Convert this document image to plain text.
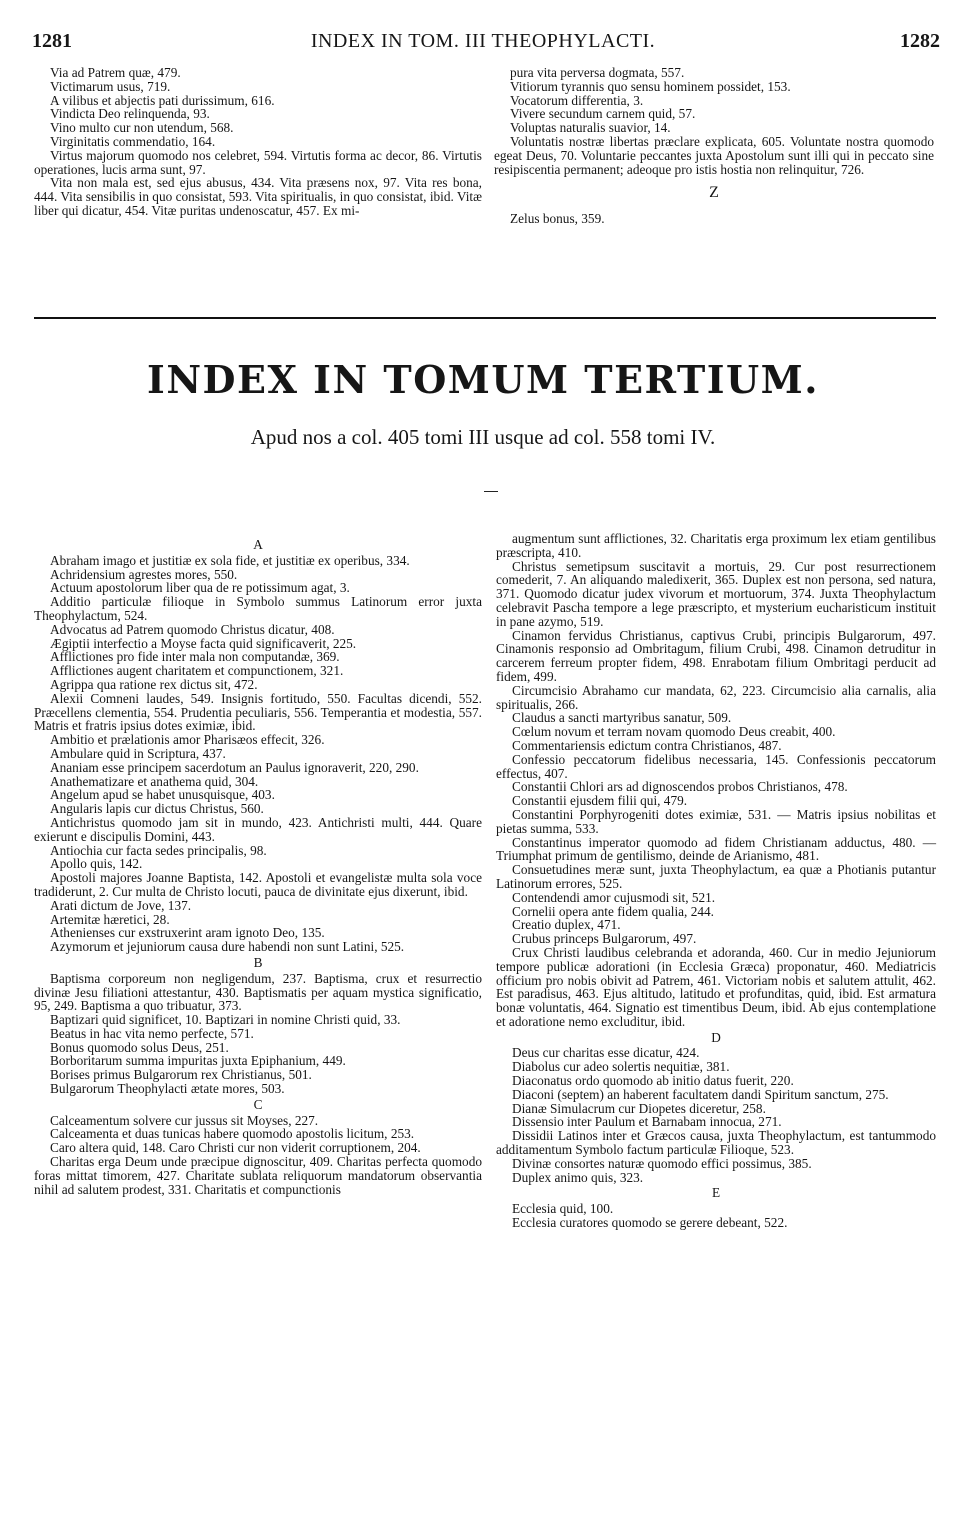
1281	INDEX IN TOM. III THEOPHYLACTI.	1282

Via ad Patrem quæ, 479.

Victimarum usus, 719.

A vilibus et abjectis pati durissimum, 616.

Vindicta Deo relinquenda, 93.

Vino multo cur non utendum, 568.

Virginitatis commendatio, 164.

Virtus majorum quomodo nos celebret, 594. Virtutis forma ac decor, 86. Virtutis operationes, lucis arma sunt, 97.

Vita non mala est, sed ejus abusus, 434. Vita præsens nox, 97. Vita res bona, 444. Vita sensibilis in quo consistat, 593. Vita spiritualis, in quo consistat, ibid. Vitæ liber qui dicatur, 454. Vitæ puritas undenoscatur, 457. Ex mi-

pura vita perversa dogmata, 557.

Vitiorum tyrannis quo sensu hominem possidet, 153.

Vocatorum differentia, 3.

Vivere secundum carnem quid, 57.

Voluptas naturalis suavior, 14.

Voluntatis nostræ libertas præclare explicata, 605. Voluntate nostra quomodo egeat Deus, 70. Voluntarie peccantes juxta Apostolum sunt illi qui in peccato sine resipiscentia permanent; adeoque pro istis hostia non relinquitur, 726.

Z

Zelus bonus, 359.

INDEX IN TOMUM TERTIUM.
Apud nos a col. 405 tomi III usque ad col. 558 tomi IV.
A

Abraham imago et justitiæ ex sola fide, et justitiæ ex operibus, 334.

Achridensium agrestes mores, 550.

Actuum apostolorum liber qua de re potissimum agat, 3.

Additio particulæ filioque in Symbolo summus Latinorum error juxta Theophylactum, 524.

Advocatus ad Patrem quomodo Christus dicatur, 408.

Ægiptii interfectio a Moyse facta quid significaverit, 225.

Afflictiones pro fide inter mala non computandæ, 369.

Afflictiones augent charitatem et compunctionem, 321.

Agrippa qua ratione rex dictus sit, 472.

Alexii Comneni laudes, 549. Insignis fortitudo, 550. Facultas dicendi, 552. Præcellens clementia, 554. Prudentia peculiaris, 556. Temperantia et modestia, 557. Matris et fratris ipsius dotes eximiæ, ibid.

Ambitio et prælationis amor Pharisæos effecit, 326.

Ambulare quid in Scriptura, 437.

Ananiam esse principem sacerdotum an Paulus ignoraverit, 220, 290.

Anathematizare et anathema quid, 304.

Angelum apud se habet unusquisque, 403.

Angularis lapis cur dictus Christus, 560.

Antichristus quomodo jam sit in mundo, 423. Antichristi multi, 444. Quare exierunt e discipulis Domini, 443.

Antiochia cur facta sedes principalis, 98.

Apollo quis, 142.

Apostoli majores Joanne Baptista, 142. Apostoli et evangelistæ multa sola voce tradiderunt, 2. Cur multa de Christo locuti, pauca de divinitate ejus dixerunt, ibid.

Arati dictum de Jove, 137.

Artemitæ hæretici, 28.

Athenienses cur exstruxerint aram ignoto Deo, 135.

Azymorum et jejuniorum causa dure habendi non sunt Latini, 525.

B

Baptisma corporeum non negligendum, 237. Baptisma, crux et resurrectio divinæ Jesu filiationi attestantur, 430. Baptismatis per aquam mystica significatio, 95, 249. Baptisma a quo tribuatur, 373.

Baptizari quid significet, 10. Baptizari in nomine Christi quid, 33.

Beatus in hac vita nemo perfecte, 571.

Bonus quomodo solus Deus, 251.

Borboritarum summa impuritas juxta Epiphanium, 449.

Borises primus Bulgarorum rex Christianus, 501.

Bulgarorum Theophylacti ætate mores, 503.

C

Calceamentum solvere cur jussus sit Moyses, 227.

Calceamenta et duas tunicas habere quomodo apostolis licitum, 253.

Caro altera quid, 148. Caro Christi cur non viderit corruptionem, 204.

Charitas erga Deum unde præcipue dignoscitur, 409. Charitas perfecta quomodo foras mittat timorem, 427. Charitate sublata reliquorum mandatorum observantia nihil ad salutem prodest, 331. Charitatis et compunctionis

augmentum sunt afflictiones, 32. Charitatis erga proximum lex etiam gentilibus præscripta, 410.

Christus semetipsum suscitavit a mortuis, 29. Cur post resurrectionem comederit, 7. An aliquando maledixerit, 365. Duplex est non persona, sed natura, 371. Quomodo dicatur judex vivorum et mortuorum, 374. Juxta Theophylactum celebravit Pascha tempore a lege præscripto, et mysterium eucharisticum instituit in pane azymo, 519.

Cinamon fervidus Christianus, captivus Crubi, principis Bulgarorum, 497. Cinamonis responsio ad Ombritagum, filium Crubi, 498. Cinamon detruditur in carcerem ferreum propter fidem, 498. Enrabotam filium Ombritagi perducit ad fidem, 499.

Circumcisio Abrahamo cur mandata, 62, 223. Circumcisio alia carnalis, alia spiritualis, 266.

Claudus a sancti martyribus sanatur, 509.

Cœlum novum et terram novam quomodo Deus creabit, 400.

Commentariensis edictum contra Christianos, 487.

Confessio peccatorum fidelibus necessaria, 145. Confessionis peccatorum effectus, 407.

Constantii Chlori ars ad dignoscendos probos Christianos, 478.

Constantii ejusdem filii qui, 479.

Constantini Porphyrogeniti dotes eximiæ, 531. — Matris ipsius nobilitas et pietas summa, 533.

Constantinus imperator quomodo ad fidem Christianam adductus, 480. — Triumphat primum de gentilismo, deinde de Arianismo, 481.

Consuetudines meræ sunt, juxta Theophylactum, ea quæ a Photianis putantur Latinorum errores, 525.

Contendendi amor cujusmodi sit, 521.

Cornelii opera ante fidem qualia, 244.

Creatio duplex, 471.

Crubus princeps Bulgarorum, 497.

Crux Christi laudibus celebranda et adoranda, 460. Cur in medio Jejuniorum tempore publicæ adorationi (in Ecclesia Græca) proponatur, 460. Mediatricis officium pro nobis obivit ad Patrem, 461. Victoriam nobis et salutem attulit, 462. Est paradisus, 463. Ejus altitudo, latitudo et profunditas, quid, ibid. Est armatura bonæ voluntatis, 464. Signatio est timentibus Deum, ibid. Ab ejus contemplatione et adoratione nemo excluditur, ibid.

D

Deus cur charitas esse dicatur, 424.

Diabolus cur adeo solertis nequitiæ, 381.

Diaconatus ordo quomodo ab initio datus fuerit, 220.

Diaconi (septem) an haberent facultatem dandi Spiritum sanctum, 275.

Dianæ Simulacrum cur Diopetes diceretur, 258.

Dissensio inter Paulum et Barnabam innocua, 271.

Dissidii Latinos inter et Græcos causa, juxta Theophylactum, est tantummodo additamentum Symbolo factum particulæ Filioque, 523.

Divinæ consortes naturæ quomodo effici possimus, 385.

Duplex animo quis, 323.

E

Ecclesia quid, 100.

Ecclesia curatores quomodo se gerere debeant, 522.
